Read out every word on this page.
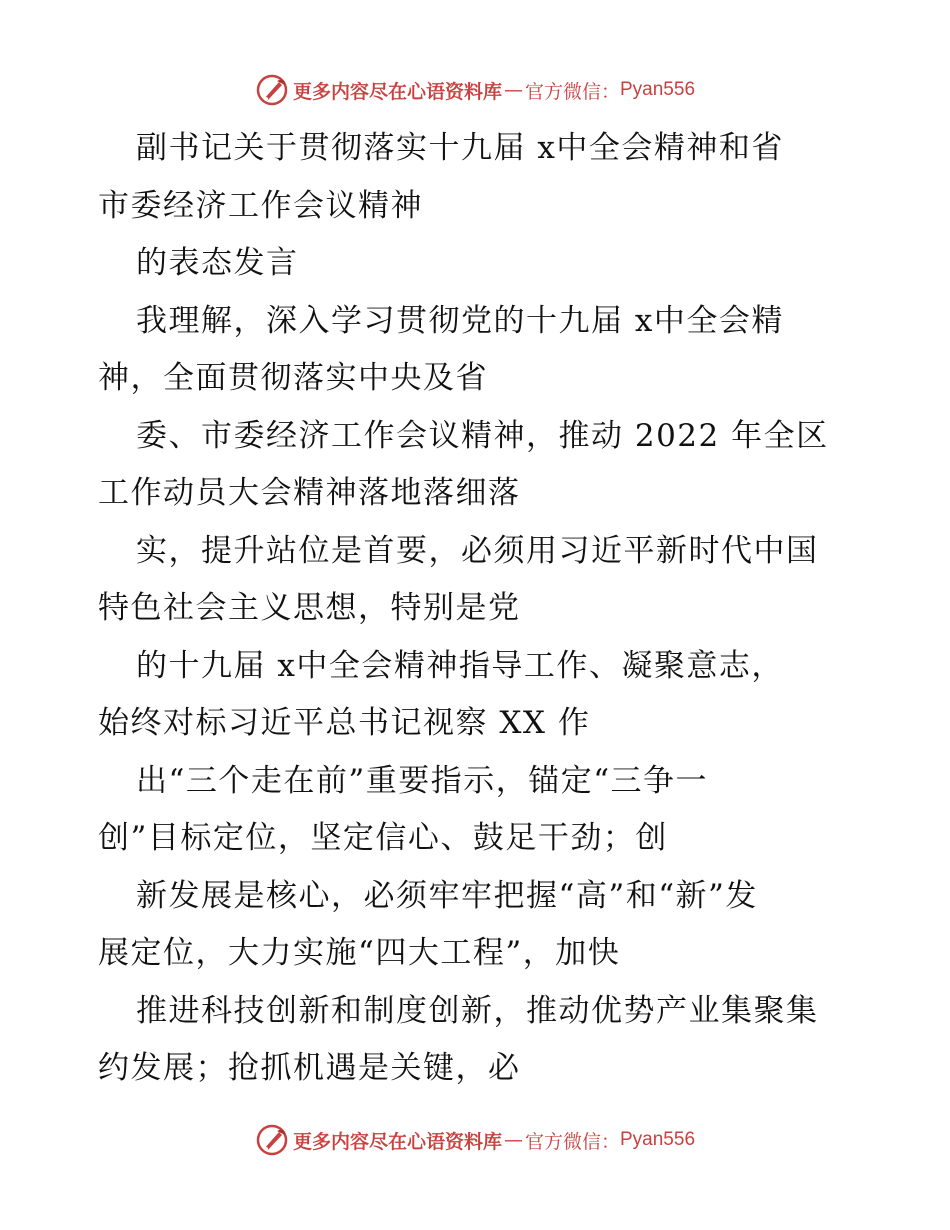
更多内容尽在心语资料库 — 官方微信： Pyan556
副书记关于贯彻落实十九届 x中全会精神和省
市委经济工作会议精神
的表态发言
我理解，深入学习贯彻党的十九届 x中全会精
神，全面贯彻落实中央及省
委、市委经济工作会议精神，推动 2022 年全区
工作动员大会精神落地落细落
实，提升站位是首要，必须用习近平新时代中国
特色社会主义思想，特别是党
的十九届 x中全会精神指导工作、凝聚意志，
始终对标习近平总书记视察 XX 作
出“三个走在前”重要指示，锚定“三争一
创”目标定位，坚定信心、鼓足干劲；创
新发展是核心，必须牢牢把握“高”和“新”发
展定位，大力实施“四大工程”，加快
推进科技创新和制度创新，推动优势产业集聚集
约发展；抢抓机遇是关键，必
更多内容尽在心语资料库 — 官方微信： Pyan556
